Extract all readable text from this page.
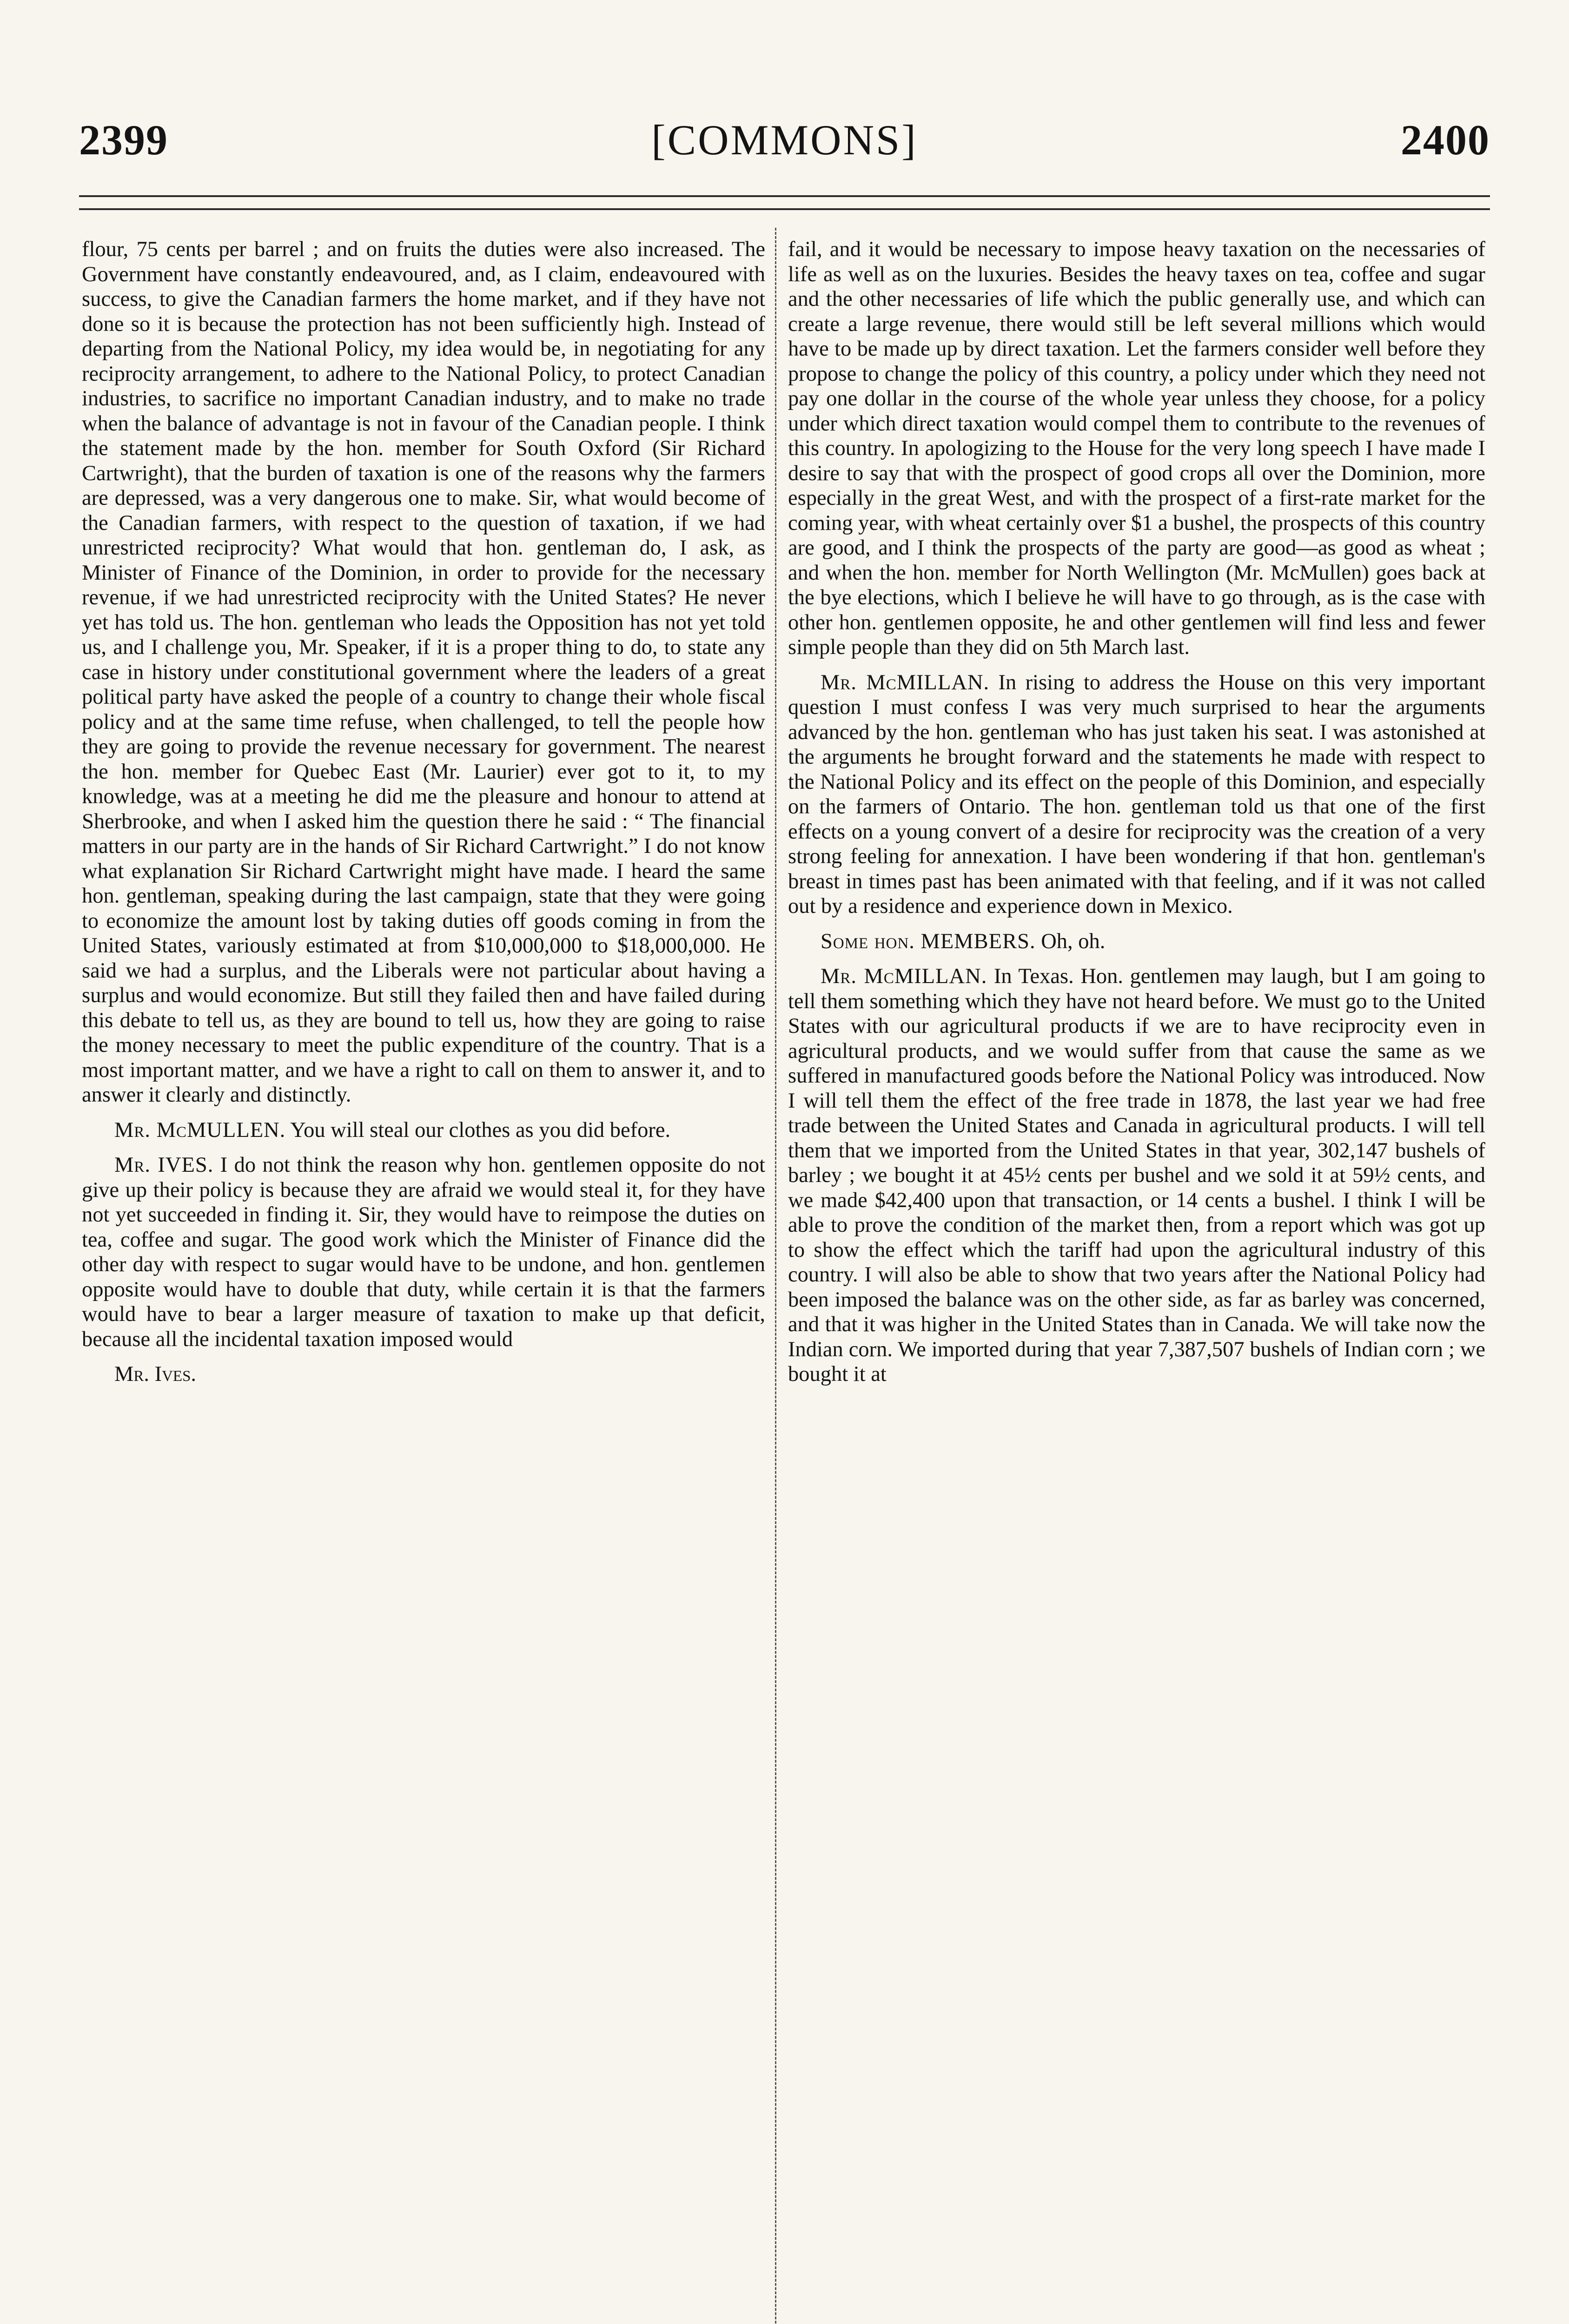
2399	[COMMONS]	2400

flour, 75 cents per barrel ; and on fruits the duties were also increased. The Government have constantly endeavoured, and, as I claim, endeavoured with success, to give the Canadian farmers the home market, and if they have not done so it is because the protection has not been sufficiently high. Instead of departing from the National Policy, my idea would be, in negotiating for any reciprocity arrangement, to adhere to the National Policy, to protect Canadian industries, to sacrifice no important Canadian industry, and to make no trade when the balance of advantage is not in favour of the Canadian people. I think the statement made by the hon. member for South Oxford (Sir Richard Cartwright), that the burden of taxation is one of the reasons why the farmers are depressed, was a very dangerous one to make. Sir, what would become of the Canadian farmers, with respect to the question of taxation, if we had unrestricted reciprocity? What would that hon. gentleman do, I ask, as Minister of Finance of the Dominion, in order to provide for the necessary revenue, if we had unrestricted reciprocity with the United States? He never yet has told us. The hon. gentleman who leads the Opposition has not yet told us, and I challenge you, Mr. Speaker, if it is a proper thing to do, to state any case in history under constitutional government where the leaders of a great political party have asked the people of a country to change their whole fiscal policy and at the same time refuse, when challenged, to tell the people how they are going to provide the revenue necessary for government. The nearest the hon. member for Quebec East (Mr. Laurier) ever got to it, to my knowledge, was at a meeting he did me the pleasure and honour to attend at Sherbrooke, and when I asked him the question there he said : “ The financial matters in our party are in the hands of Sir Richard Cartwright.” I do not know what explanation Sir Richard Cartwright might have made. I heard the same hon. gentleman, speaking during the last campaign, state that they were going to economize the amount lost by taking duties off goods coming in from the United States, variously estimated at from $10,000,000 to $18,000,000. He said we had a surplus, and the Liberals were not particular about having a surplus and would economize. But still they failed then and have failed during this debate to tell us, as they are bound to tell us, how they are going to raise the money necessary to meet the public expenditure of the country. That is a most important matter, and we have a right to call on them to answer it, and to answer it clearly and distinctly.

Mr. McMULLEN. You will steal our clothes as you did before.

Mr. IVES. I do not think the reason why hon. gentlemen opposite do not give up their policy is because they are afraid we would steal it, for they have not yet succeeded in finding it. Sir, they would have to reimpose the duties on tea, coffee and sugar. The good work which the Minister of Finance did the other day with respect to sugar would have to be undone, and hon. gentlemen opposite would have to double that duty, while certain it is that the farmers would have to bear a larger measure of taxation to make up that deficit, because all the incidental taxation imposed would

Mr. Ives.

fail, and it would be necessary to impose heavy taxation on the necessaries of life as well as on the luxuries. Besides the heavy taxes on tea, coffee and sugar and the other necessaries of life which the public generally use, and which can create a large revenue, there would still be left several millions which would have to be made up by direct taxation. Let the farmers consider well before they propose to change the policy of this country, a policy under which they need not pay one dollar in the course of the whole year unless they choose, for a policy under which direct taxation would compel them to contribute to the revenues of this country. In apologizing to the House for the very long speech I have made I desire to say that with the prospect of good crops all over the Dominion, more especially in the great West, and with the prospect of a first-rate market for the coming year, with wheat certainly over $1 a bushel, the prospects of this country are good, and I think the prospects of the party are good—as good as wheat ; and when the hon. member for North Wellington (Mr. McMullen) goes back at the bye elections, which I believe he will have to go through, as is the case with other hon. gentlemen opposite, he and other gentlemen will find less and fewer simple people than they did on 5th March last.

Mr. McMILLAN. In rising to address the House on this very important question I must confess I was very much surprised to hear the arguments advanced by the hon. gentleman who has just taken his seat. I was astonished at the arguments he brought forward and the statements he made with respect to the National Policy and its effect on the people of this Dominion, and especially on the farmers of Ontario. The hon. gentleman told us that one of the first effects on a young convert of a desire for reciprocity was the creation of a very strong feeling for annexation. I have been wondering if that hon. gentleman's breast in times past has been animated with that feeling, and if it was not called out by a residence and experience down in Mexico.

Some hon. MEMBERS. Oh, oh.

Mr. McMILLAN. In Texas. Hon. gentlemen may laugh, but I am going to tell them something which they have not heard before. We must go to the United States with our agricultural products if we are to have reciprocity even in agricultural products, and we would suffer from that cause the same as we suffered in manufactured goods before the National Policy was introduced. Now I will tell them the effect of the free trade in 1878, the last year we had free trade between the United States and Canada in agricultural products. I will tell them that we imported from the United States in that year, 302,147 bushels of barley ; we bought it at 45½ cents per bushel and we sold it at 59½ cents, and we made $42,400 upon that transaction, or 14 cents a bushel. I think I will be able to prove the condition of the market then, from a report which was got up to show the effect which the tariff had upon the agricultural industry of this country. I will also be able to show that two years after the National Policy had been imposed the balance was on the other side, as far as barley was concerned, and that it was higher in the United States than in Canada. We will take now the Indian corn. We imported during that year 7,387,507 bushels of Indian corn ; we bought it at
